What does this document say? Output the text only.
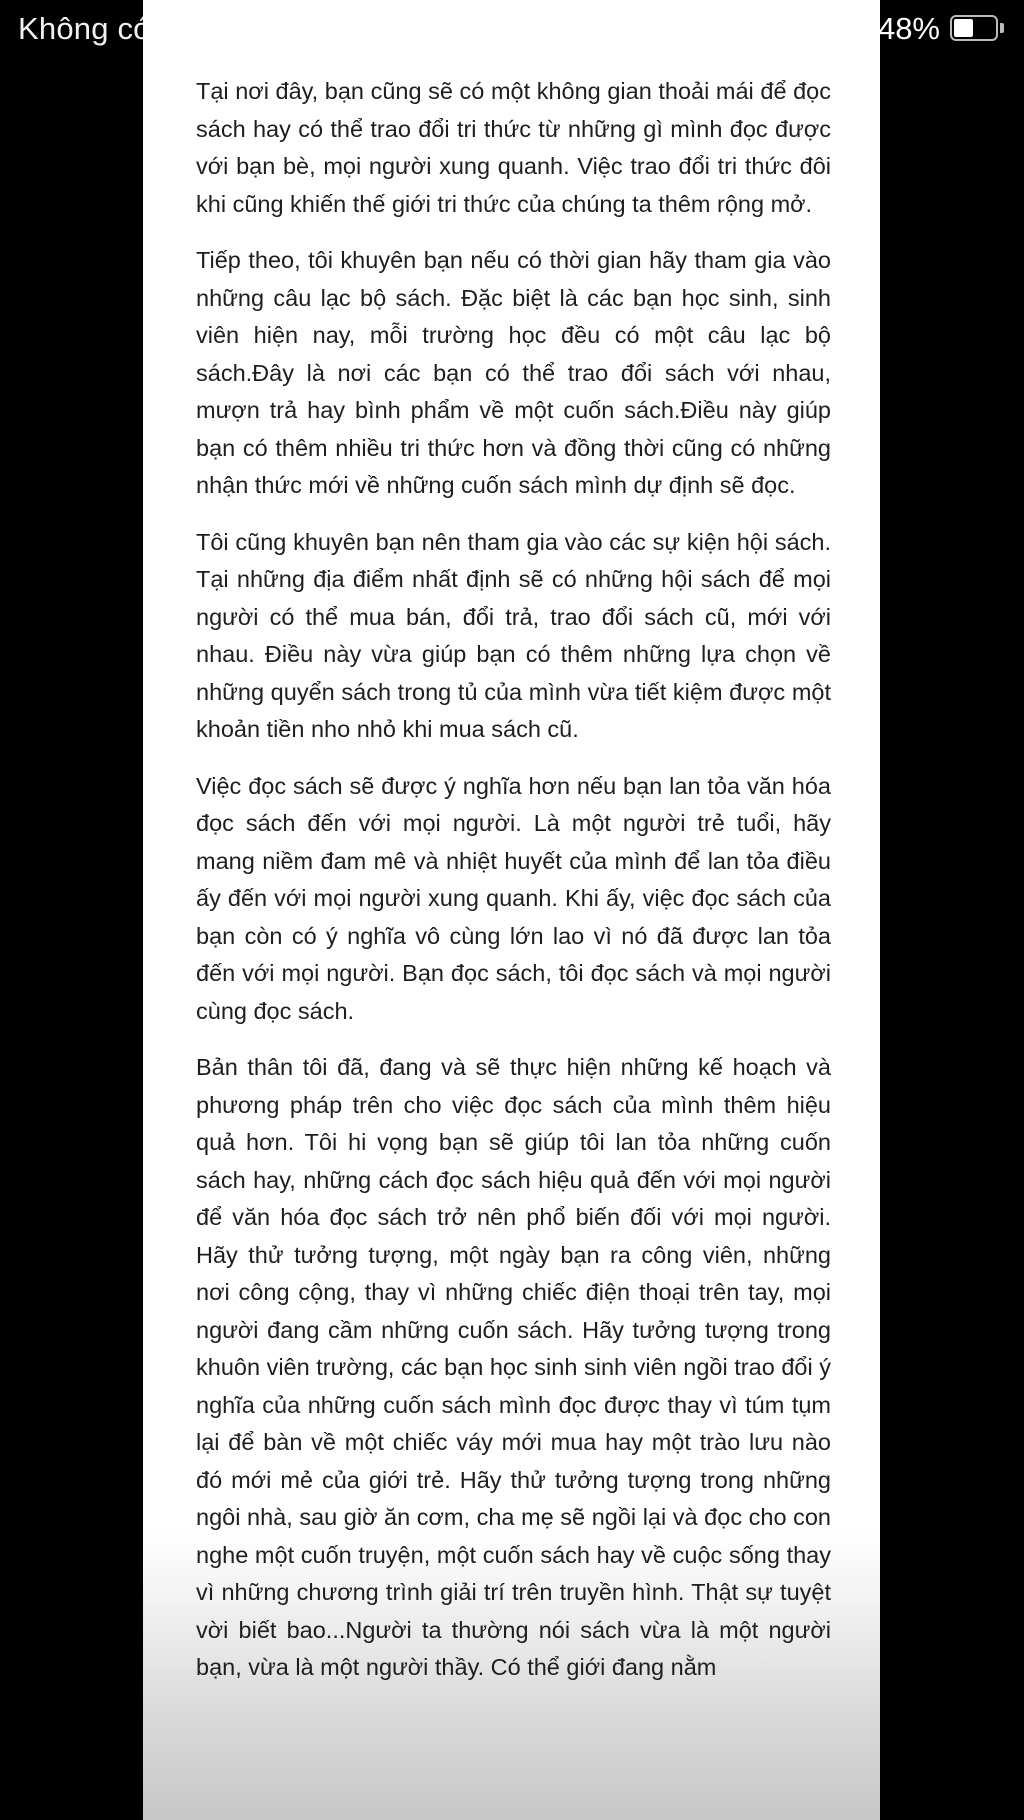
Không có SIM	13:32	48%

Tại nơi đây, bạn cũng sẽ có một không gian thoải mái để đọc sách hay có thể trao đổi tri thức từ những gì mình đọc được với bạn bè, mọi người xung quanh. Việc trao đổi tri thức đôi khi cũng khiến thế giới tri thức của chúng ta thêm rộng mở.

Tiếp theo, tôi khuyên bạn nếu có thời gian hãy tham gia vào những câu lạc bộ sách. Đặc biệt là các bạn học sinh, sinh viên hiện nay, mỗi trường học đều có một câu lạc bộ sách.Đây là nơi các bạn có thể trao đổi sách với nhau, mượn trả hay bình phẩm về một cuốn sách.Điều này giúp bạn có thêm nhiều tri thức hơn và đồng thời cũng có những nhận thức mới về những cuốn sách mình dự định sẽ đọc.

Tôi cũng khuyên bạn nên tham gia vào các sự kiện hội sách. Tại những địa điểm nhất định sẽ có những hội sách để mọi người có thể mua bán, đổi trả, trao đổi sách cũ, mới với nhau. Điều này vừa giúp bạn có thêm những lựa chọn về những quyển sách trong tủ của mình vừa tiết kiệm được một khoản tiền nho nhỏ khi mua sách cũ.

Việc đọc sách sẽ được ý nghĩa hơn nếu bạn lan tỏa văn hóa đọc sách đến với mọi người. Là một người trẻ tuổi, hãy mang niềm đam mê và nhiệt huyết của mình để lan tỏa điều ấy đến với mọi người xung quanh. Khi ấy, việc đọc sách của bạn còn có ý nghĩa vô cùng lớn lao vì nó đã được lan tỏa đến với mọi người. Bạn đọc sách, tôi đọc sách và mọi người cùng đọc sách.

Bản thân tôi đã, đang và sẽ thực hiện những kế hoạch và phương pháp trên cho việc đọc sách của mình thêm hiệu quả hơn. Tôi hi vọng bạn sẽ giúp tôi lan tỏa những cuốn sách hay, những cách đọc sách hiệu quả đến với mọi người để văn hóa đọc sách trở nên phổ biến đối với mọi người. Hãy thử tưởng tượng, một ngày bạn ra công viên, những nơi công cộng, thay vì những chiếc điện thoại trên tay, mọi người đang cầm những cuốn sách. Hãy tưởng tượng trong khuôn viên trường, các bạn học sinh sinh viên ngồi trao đổi ý nghĩa của những cuốn sách mình đọc được thay vì túm tụm lại để bàn về một chiếc váy mới mua hay một trào lưu nào đó mới mẻ của giới trẻ. Hãy thử tưởng tượng trong những ngôi nhà, sau giờ ăn cơm, cha mẹ sẽ ngồi lại và đọc cho con nghe một cuốn truyện, một cuốn sách hay về cuộc sống thay vì những chương trình giải trí trên truyền hình. Thật sự tuyệt vời biết bao...Người ta thường nói sách vừa là một người bạn, vừa là một người thầy. Có thể giới đang nằm
